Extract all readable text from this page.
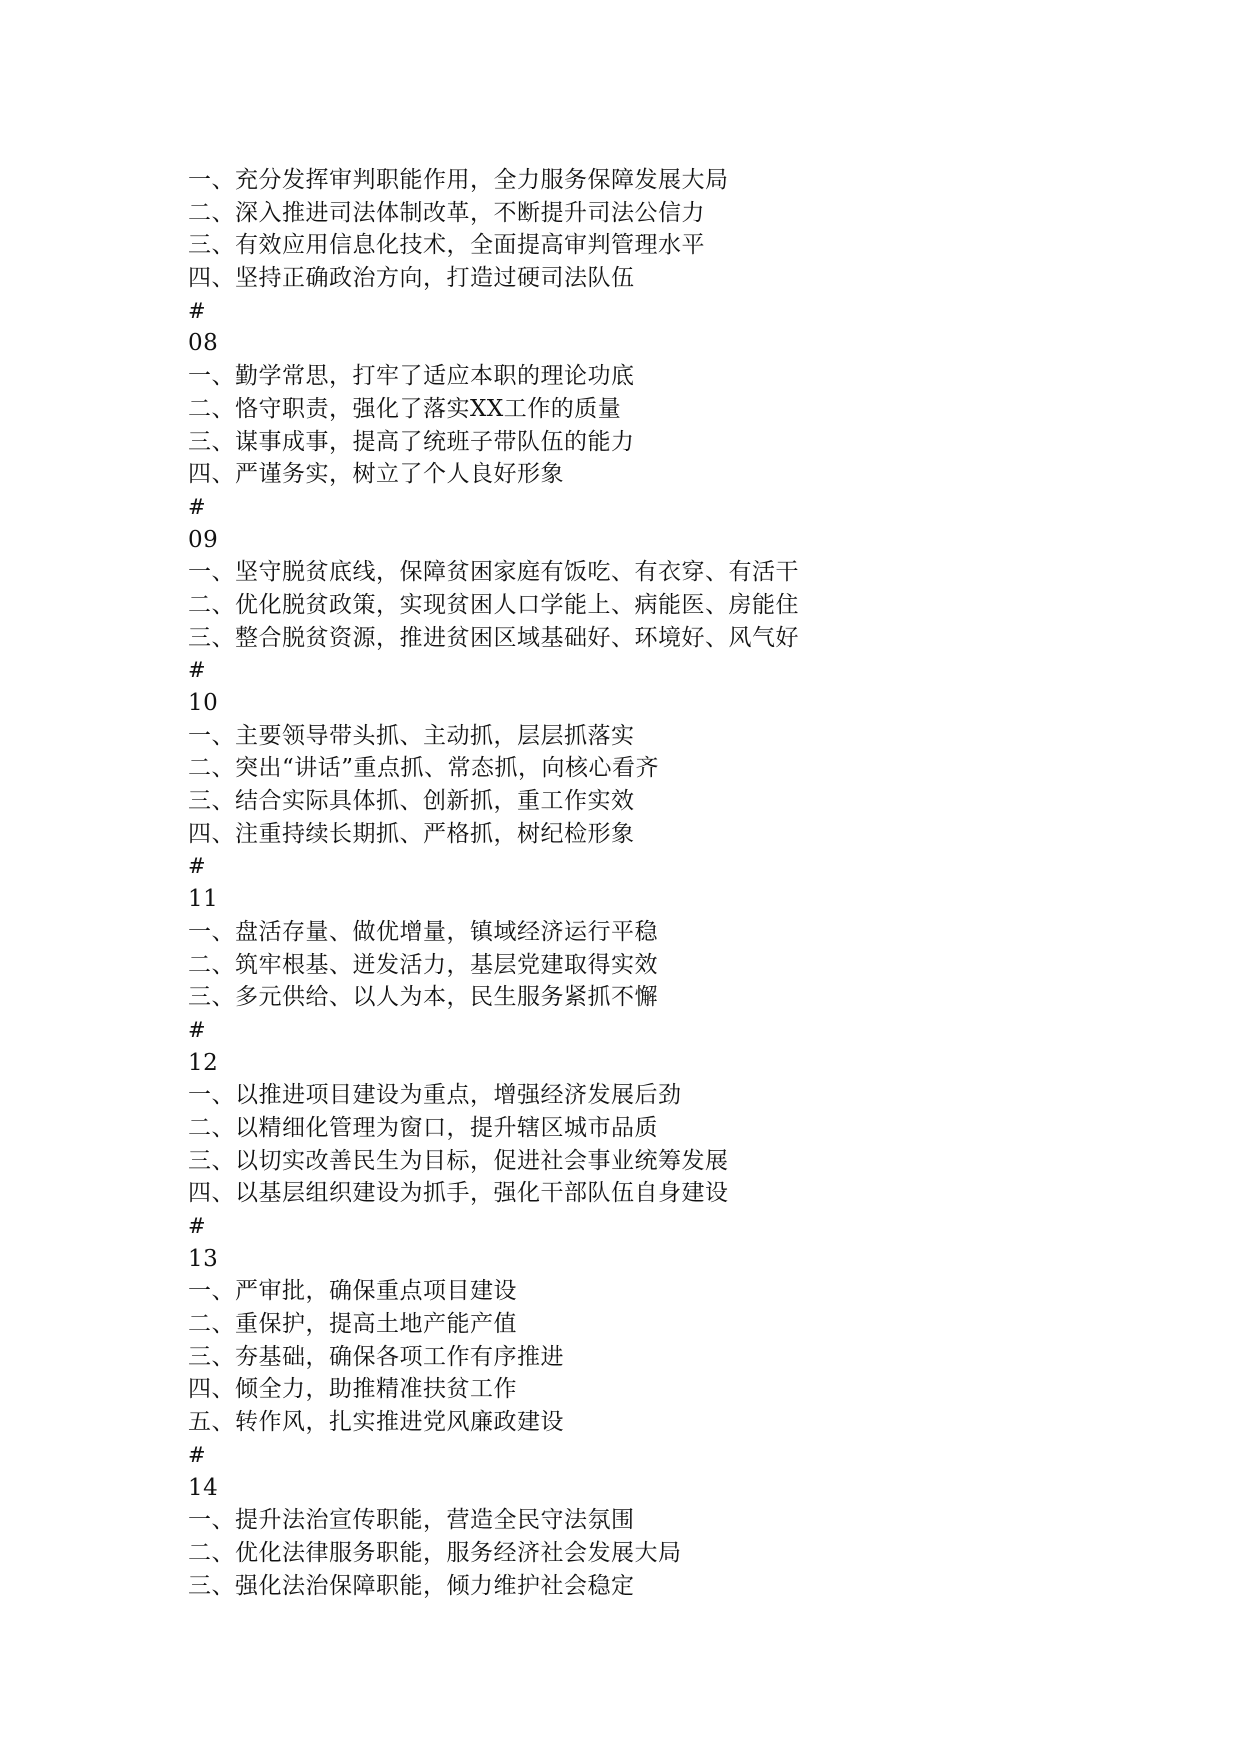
一、充分发挥审判职能作用，全力服务保障发展大局
二、深入推进司法体制改革，不断提升司法公信力
三、有效应用信息化技术，全面提高审判管理水平
四、坚持正确政治方向，打造过硬司法队伍
#
08
一、勤学常思，打牢了适应本职的理论功底
二、恪守职责，强化了落实XX工作的质量
三、谋事成事，提高了统班子带队伍的能力
四、严谨务实，树立了个人良好形象
#
09
一、坚守脱贫底线，保障贫困家庭有饭吃、有衣穿、有活干
二、优化脱贫政策，实现贫困人口学能上、病能医、房能住
三、整合脱贫资源，推进贫困区域基础好、环境好、风气好
#
10
一、主要领导带头抓、主动抓，层层抓落实
二、突出“讲话”重点抓、常态抓，向核心看齐
三、结合实际具体抓、创新抓，重工作实效
四、注重持续长期抓、严格抓，树纪检形象
#
11
一、盘活存量、做优增量，镇域经济运行平稳
二、筑牢根基、迸发活力，基层党建取得实效
三、多元供给、以人为本，民生服务紧抓不懈
#
12
一、以推进项目建设为重点，增强经济发展后劲
二、以精细化管理为窗口，提升辖区城市品质
三、以切实改善民生为目标，促进社会事业统筹发展
四、以基层组织建设为抓手，强化干部队伍自身建设
#
13
一、严审批，确保重点项目建设
二、重保护，提高土地产能产值
三、夯基础，确保各项工作有序推进
四、倾全力，助推精准扶贫工作
五、转作风，扎实推进党风廉政建设
#
14
一、提升法治宣传职能，营造全民守法氛围
二、优化法律服务职能，服务经济社会发展大局
三、强化法治保障职能，倾力维护社会稳定
